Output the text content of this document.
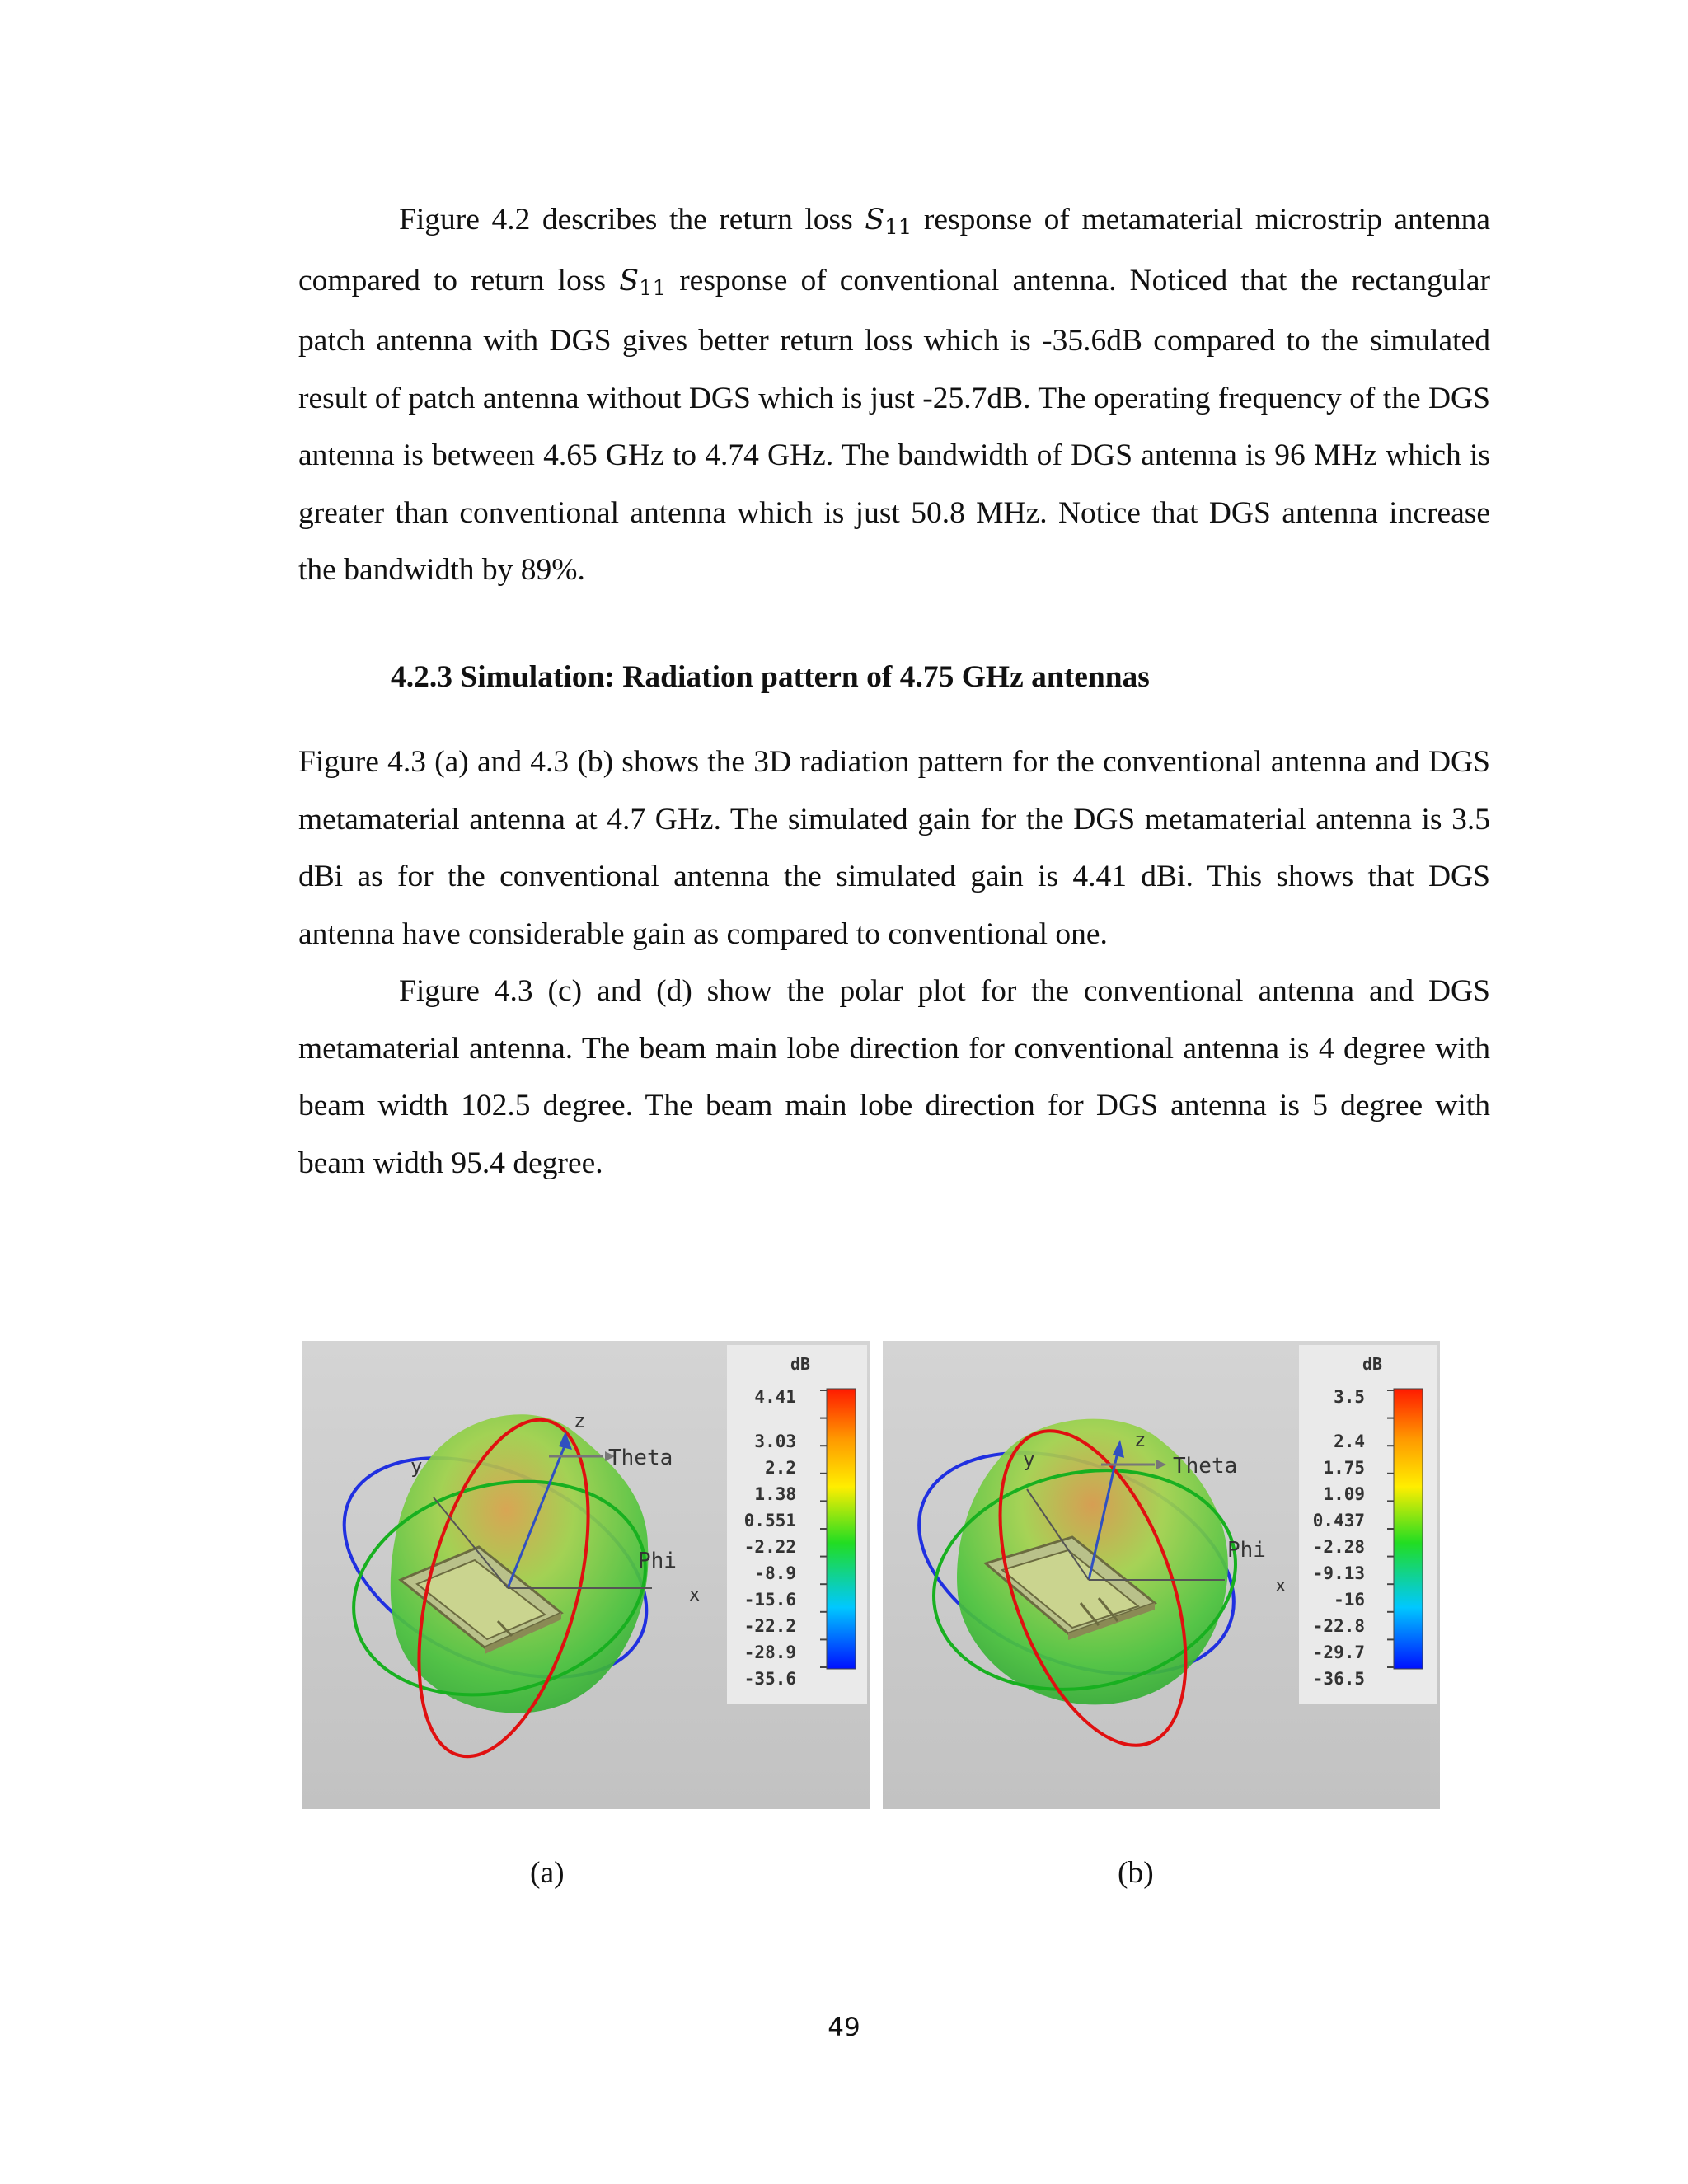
Figure 4.2 describes the return loss S11 response of metamaterial microstrip antenna compared to return loss S11 response of conventional antenna. Noticed that the rectangular patch antenna with DGS gives better return loss which is -35.6dB compared to the simulated result of patch antenna without DGS which is just -25.7dB. The operating frequency of the DGS antenna is between 4.65 GHz to 4.74 GHz. The bandwidth of DGS antenna is 96 MHz which is greater than conventional antenna which is just 50.8 MHz. Notice that DGS antenna increase the bandwidth by 89%.

4.2.3 Simulation: Radiation pattern of 4.75 GHz antennas

Figure 4.3 (a) and 4.3 (b) shows the 3D radiation pattern for the conventional antenna and DGS metamaterial antenna at 4.7 GHz. The simulated gain for the DGS metamaterial antenna is 3.5 dBi as for the conventional antenna the simulated gain is 4.41 dBi. This shows that DGS antenna have considerable gain as compared to conventional one.

Figure 4.3 (c) and (d) show the polar plot for the conventional antenna and DGS metamaterial antenna. The beam main lobe direction for conventional antenna is 4 degree with beam width 102.5 degree. The beam main lobe direction for DGS antenna is 5 degree with beam width 95.4 degree.

z
y
x
Theta
Phi
dB
4.41
3.03
2.2
1.38
0.551
-2.22
-8.9
-15.6
-22.2
-28.9
-35.6
z
y
x
Theta
Phi
dB
3.5
2.4
1.75
1.09
0.437
-2.28
-9.13
-16
-22.8
-29.7
-36.5
(a)	(b)
49
